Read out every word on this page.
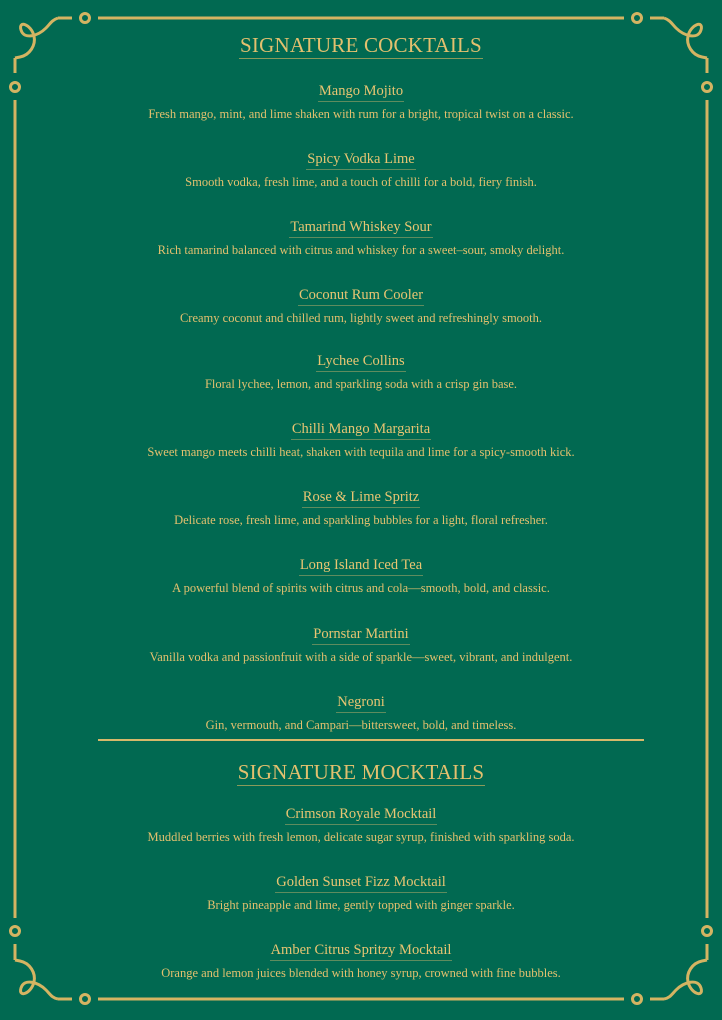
SIGNATURE COCKTAILS
Mango Mojito
Fresh mango, mint, and lime shaken with rum for a bright, tropical twist on a classic.
Spicy Vodka Lime
Smooth vodka, fresh lime, and a touch of chilli for a bold, fiery finish.
Tamarind Whiskey Sour
Rich tamarind balanced with citrus and whiskey for a sweet–sour, smoky delight.
Coconut Rum Cooler
Creamy coconut and chilled rum, lightly sweet and refreshingly smooth.
Lychee Collins
Floral lychee, lemon, and sparkling soda with a crisp gin base.
Chilli Mango Margarita
Sweet mango meets chilli heat, shaken with tequila and lime for a spicy-smooth kick.
Rose & Lime Spritz
Delicate rose, fresh lime, and sparkling bubbles for a light, floral refresher.
Long Island Iced Tea
A powerful blend of spirits with citrus and cola—smooth, bold, and classic.
Pornstar Martini
Vanilla vodka and passionfruit with a side of sparkle—sweet, vibrant, and indulgent.
Negroni
Gin, vermouth, and Campari—bittersweet, bold, and timeless.
SIGNATURE MOCKTAILS
Crimson Royale Mocktail
Muddled berries with fresh lemon, delicate sugar syrup, finished with sparkling soda.
Golden Sunset Fizz Mocktail
Bright pineapple and lime, gently topped with ginger sparkle.
Amber Citrus Spritzy Mocktail
Orange and lemon juices blended with honey syrup, crowned with fine bubbles.
